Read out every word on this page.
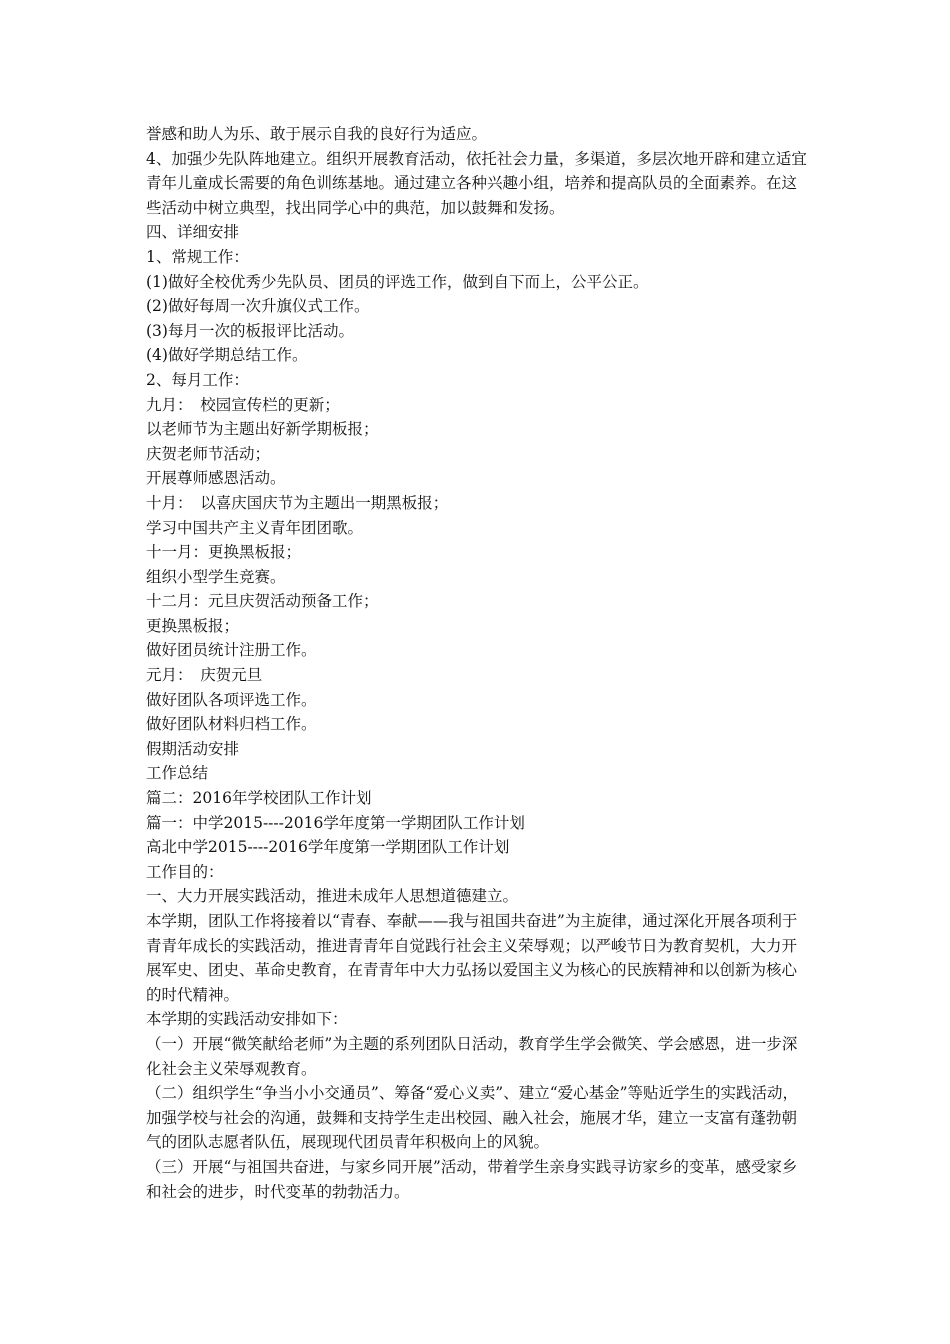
誉感和助人为乐、敢于展示自我的良好行为适应。

4、加强少先队阵地建立。组织开展教育活动，依托社会力量，多渠道，多层次地开辟和建立适宜青年儿童成长需要的角色训练基地。通过建立各种兴趣小组，培养和提高队员的全面素养。在这些活动中树立典型，找出同学心中的典范，加以鼓舞和发扬。

四、详细安排

1、常规工作：

(1)做好全校优秀少先队员、团员的评选工作，做到自下而上，公平公正。

(2)做好每周一次升旗仪式工作。

(3)每月一次的板报评比活动。

(4)做好学期总结工作。

2、每月工作：

九月：　校园宣传栏的更新；

以老师节为主题出好新学期板报；

庆贺老师节活动；

开展尊师感恩活动。

十月：　以喜庆国庆节为主题出一期黑板报；

学习中国共产主义青年团团歌。

十一月：更换黑板报；

组织小型学生竞赛。

十二月：元旦庆贺活动预备工作；

更换黑板报；

做好团员统计注册工作。

元月：　庆贺元旦

做好团队各项评选工作。

做好团队材料归档工作。

假期活动安排

工作总结

篇二：2016年学校团队工作计划

篇一：中学2015----2016学年度第一学期团队工作计划

高北中学2015----2016学年度第一学期团队工作计划

工作目的：

一、大力开展实践活动，推进未成年人思想道德建立。

本学期，团队工作将接着以“青春、奉献——我与祖国共奋进”为主旋律，通过深化开展各项利于青青年成长的实践活动，推进青青年自觉践行社会主义荣辱观；以严峻节日为教育契机，大力开展军史、团史、革命史教育，在青青年中大力弘扬以爱国主义为核心的民族精神和以创新为核心的时代精神。

本学期的实践活动安排如下：

（一）开展“微笑献给老师”为主题的系列团队日活动，教育学生学会微笑、学会感恩，进一步深化社会主义荣辱观教育。

（二）组织学生“争当小小交通员”、筹备“爱心义卖”、建立“爱心基金”等贴近学生的实践活动，加强学校与社会的沟通，鼓舞和支持学生走出校园、融入社会，施展才华，建立一支富有蓬勃朝气的团队志愿者队伍，展现现代团员青年积极向上的风貌。

（三）开展“与祖国共奋进，与家乡同开展”活动，带着学生亲身实践寻访家乡的变革，感受家乡和社会的进步，时代变革的勃勃活力。
